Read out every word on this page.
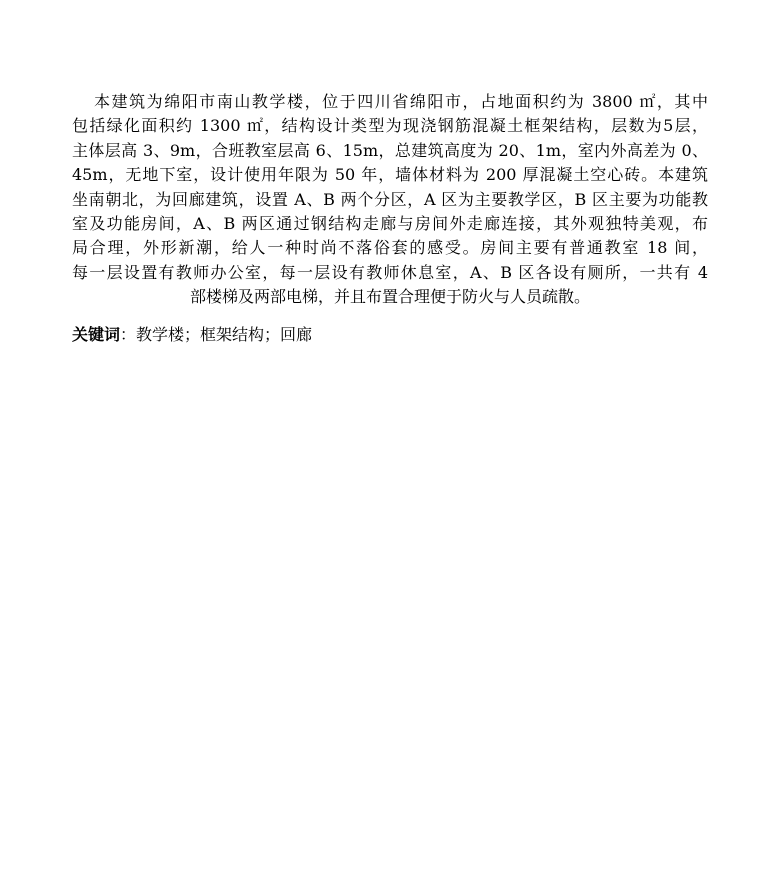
本建筑为绵阳市南山教学楼，位于四川省绵阳市，占地面积约为 3800 ㎡，其中
包括绿化面积约 1300 ㎡，结构设计类型为现浇钢筋混凝土框架结构，层数为5层，
主体层高 3、9m，合班教室层高 6、15m，总建筑高度为 20、1m，室内外高差为 0、
45m，无地下室，设计使用年限为 50 年，墙体材料为 200 厚混凝土空心砖。本建筑
坐南朝北，为回廊建筑，设置 A、B 两个分区，A 区为主要教学区，B 区主要为功能教
室及功能房间，A、B 两区通过钢结构走廊与房间外走廊连接，其外观独特美观，布
局合理，外形新潮，给人一种时尚不落俗套的感受。房间主要有普通教室 18 间，
每一层设置有教师办公室，每一层设有教师休息室，A、B 区各设有厕所，一共有 4
部楼梯及两部电梯，并且布置合理便于防火与人员疏散。
关键词：教学楼；框架结构；回廊
